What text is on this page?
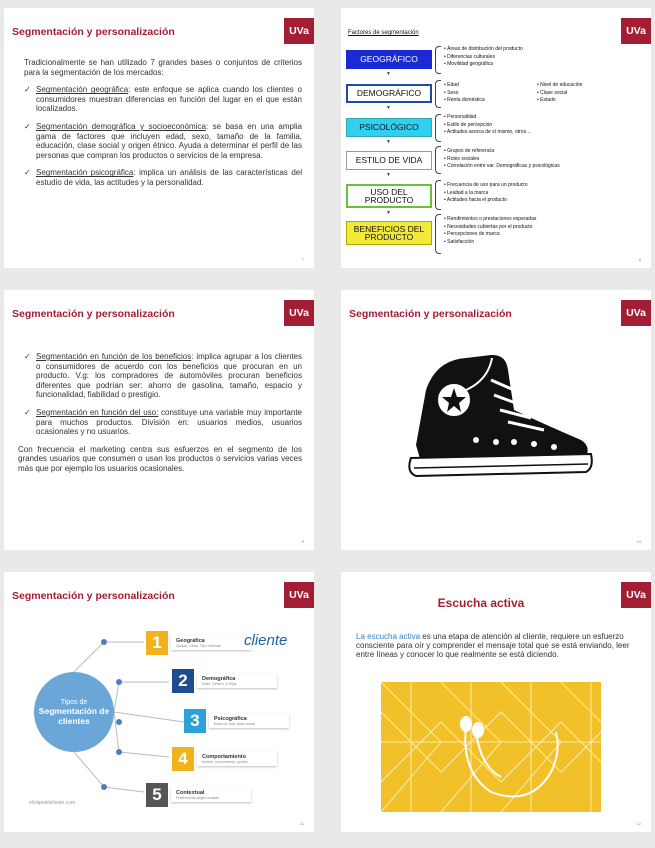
Segmentación y personalización	UVa

Tradicionalmente se han utilizado 7 grandes bases o conjuntos de criterios para la segmentación de los mercados:

✓ Segmentación geográfica: este enfoque se aplica cuando los clientes o consumidores muestran diferencias en función del lugar en el que están localizados.

✓ Segmentación demográfica y socioeconómica: se basa en una amplia gama de factores que incluyen edad, sexo, tamaño de la familia, educación, clase social y origen étnico. Ayuda a determinar el perfil de las personas que compran los productos o servicios de la empresa.

✓ Segmentación psicográfica: implica un análisis de las características del estudio de vida, las actitudes y la personalidad.

7
Factores de segmentación	UVa
GEOGRÁFICO
▼
DEMOGRÁFICO
▼
PSICOLÓGICO
▼
ESTILO DE VIDA
▼
USO DEL PRODUCTO
▼
BENEFICIOS DEL PRODUCTO
• Áreas de distribución del producto
• Diferencias culturales
• Movilidad geográfica
• Edad
• Sexo
• Renta doméstica
• Nivel de educación
• Clase social
• Estado
• Personalidad
• Estilo de percepción
• Actitudes acerca de sí mismo, otros...
• Grupos de referencia
• Roles sociales
• Correlación entre var. Demográficas y psicológicas
• Frecuencia de uso para un producto
• Lealtad a la marca
• Actitudes hacia el producto
• Rendimientos o prestaciones esperadas
• Necesidades cubiertas por el producto
• Percepciones de marca
• Satisfacción
8
Segmentación y personalización	UVa

✓ Segmentación en función de los beneficios: implica agrupar a los clientes o consumidores de acuerdo con los beneficios que procuran en un producto. V.g: los compradores de automóviles procuran beneficios diferentes que podrían ser: ahorro de gasolina, tamaño, espacio y funcionalidad, fiabilidad o prestigio.

✓ Segmentación en función del uso: constituye una variable muy importante para muchos productos. División en: usuarios medios, usuarios ocasionales y no usuarios.

Con frecuencia el marketing centra sus esfuerzos en el segmento de los grandes usuarios que consumen o usan los productos o servicios varias veces más que por ejemplo los usuarios ocasionales.

9
Segmentación y personalización	UVa
10
Segmentación y personalización	UVa
Tipos de
Segmentación de clientes
1	Geográfica
Ciudad, Clima, Tipo Vivienda
2	Demográfica
Edad, Género, # Hijos
3	Psicográfica
Estilo de vida, clase social
4	Comportamiento
Actitud, conocimiento, gustos
5	Contextual
Preferencias según ocasión
cliente
elviajedelcliente.com
11
Escucha activa
UVa
La escucha activa es una etapa de atención al cliente, requiere un esfuerzo consciente para oír y comprender el mensaje total que se está enviando, leer entre líneas y conocer lo que realmente se está diciendo.
12
